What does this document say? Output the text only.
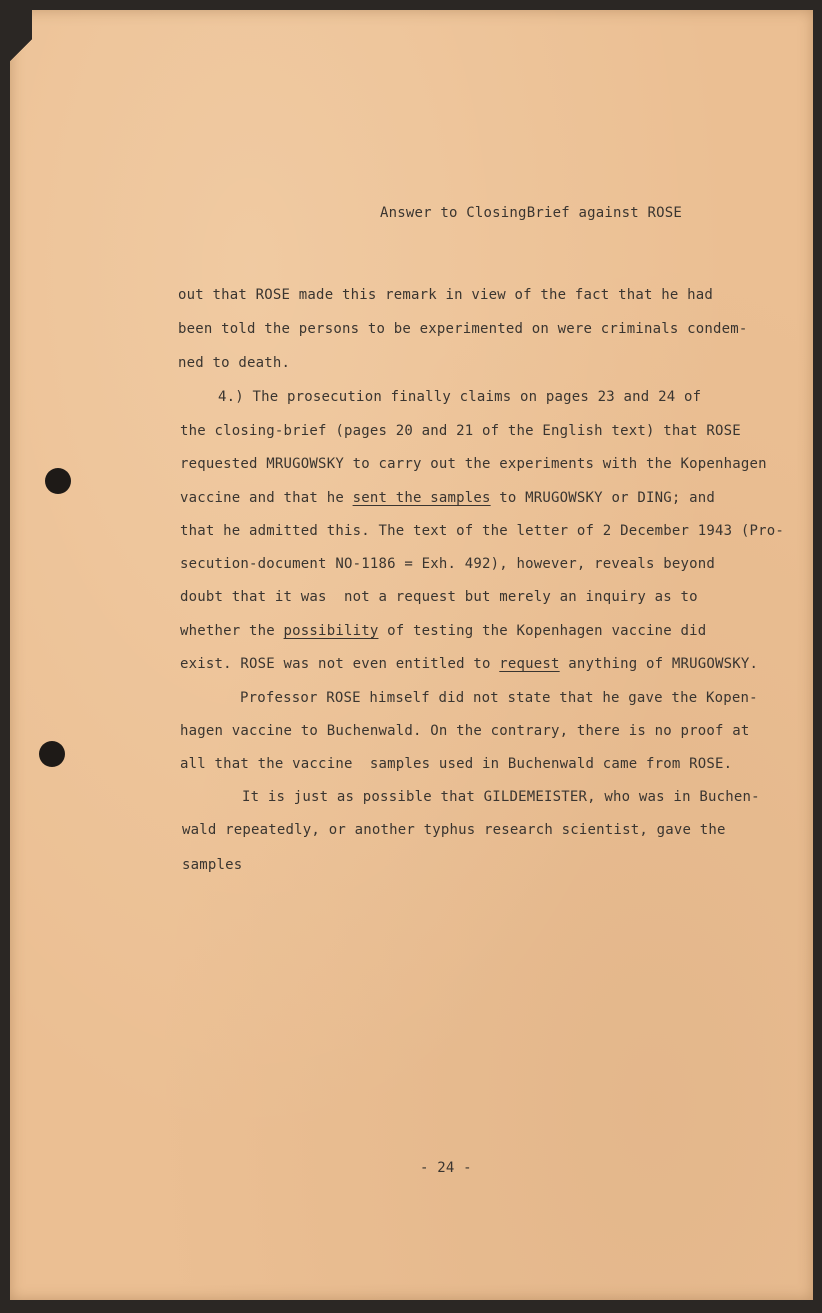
Answer to ClosingBrief against ROSE
out that ROSE made this remark in view of the fact that he had
been told the persons to be experimented on were criminals condem-
ned to death.
4.) The prosecution finally claims on pages 23 and 24 of
the closing-brief (pages 20 and 21 of the English text) that ROSE
requested MRUGOWSKY to carry out the experiments with the Kopenhagen
vaccine and that he sent the samples to MRUGOWSKY or DING; and
that he admitted this. The text of the letter of 2 December 1943 (Pro-
secution-document NO-1186 = Exh. 492), however, reveals beyond
doubt that it was  not a request but merely an inquiry as to
whether the possibility of testing the Kopenhagen vaccine did
exist. ROSE was not even entitled to request anything of MRUGOWSKY.
Professor ROSE himself did not state that he gave the Kopen-
hagen vaccine to Buchenwald. On the contrary, there is no proof at
all that the vaccine  samples used in Buchenwald came from ROSE.
It is just as possible that GILDEMEISTER, who was in Buchen-
wald repeatedly, or another typhus research scientist, gave the
samples
- 24 -
